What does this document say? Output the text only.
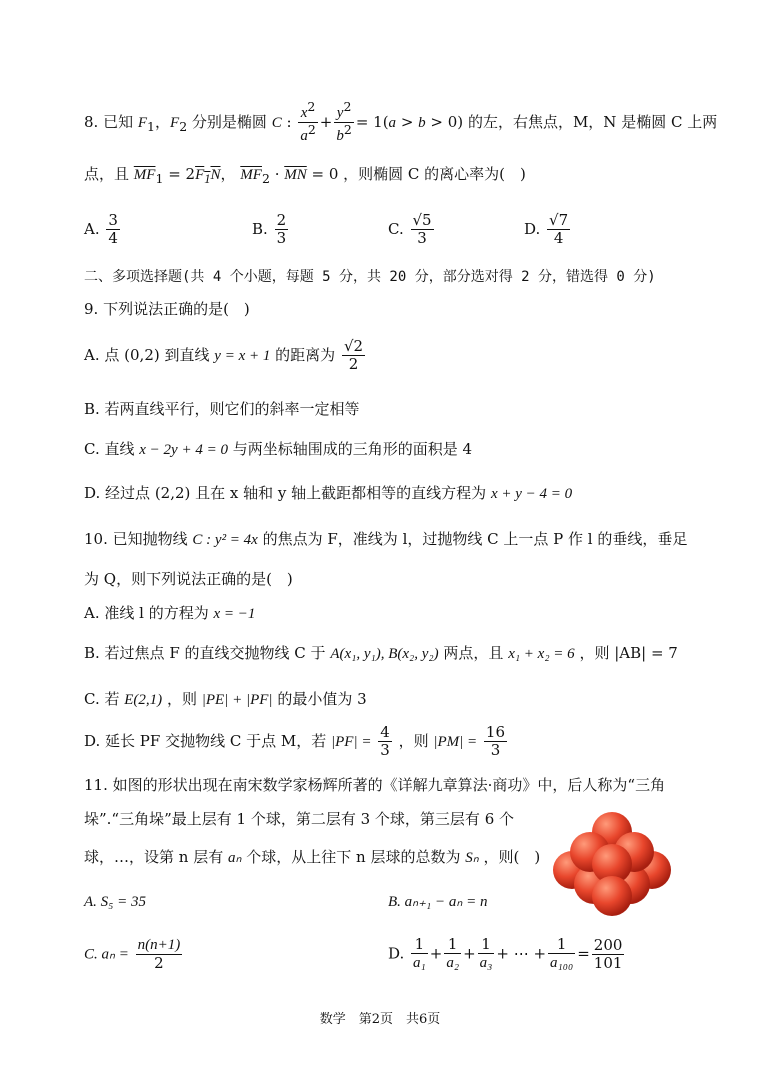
8. 已知 $F_1$，$F_2$ 分别是椭圆 C : $\frac{x^2}{a^2} + \frac{y^2}{b^2} = 1(a > b > 0)$ 的左，右焦点，M，N 是椭圆 C 上两
点，且 $\overline{MF}_1 = 2F_1N$， $\overline{MF}_2 \cdot \overline{MN} = 0$ ，则椭圆 C 的离心率为(　)
A. $\frac{3}{4}$	B. $\frac{2}{3}$	C. $\frac{√5}{3}$	D. $\frac{√7}{4}$
二、多项选择题(共 4 个小题，每题 5 分，共 20 分，部分选对得 2 分，错选得 0 分)
9. 下列说法正确的是(　)
A. 点 (0,2) 到直线 y = x + 1 的距离为 $\frac{√2}{2}$
B. 若两直线平行，则它们的斜率一定相等
C. 直线 x − 2y + 4 = 0 与两坐标轴围成的三角形的面积是 4
D. 经过点 (2,2) 且在 x 轴和 y 轴上截距都相等的直线方程为 x + y − 4 = 0
10. 已知抛物线 C : y² = 4x 的焦点为 F，准线为 l，过抛物线 C 上一点 P 作 l 的垂线，垂足
为 Q，则下列说法正确的是(　)
A. 准线 l 的方程为 x = −1
B. 若过焦点 F 的直线交抛物线 C 于 A(x₁, y₁), B(x₂, y₂) 两点，且 x₁ + x₂ = 6 ，则 |AB| = 7
C. 若 E(2,1) ，则 |PE| + |PF| 的最小值为 3
D. 延长 PF 交抛物线 C 于点 M，若 $|PF| = \frac{4}{3}$ ，则 $|PM| = \frac{16}{3}$
11. 如图的形状出现在南宋数学家杨辉所著的《详解九章算法·商功》中，后人称为“三角
垛”.“三角垛”最上层有 1 个球，第二层有 3 个球，第三层有 6 个
球，…，设第 n 层有 aₙ 个球，从上往下 n 层球的总数为 Sₙ ，则(　)
A. S₅ = 35	B. aₙ₊₁ − aₙ = n
C. $a_n = \frac{n(n+1)}{2}$	D. $\frac{1}{\text{a₁}} + \frac{1}{\text{a₂}} + \frac{1}{\text{a₃}}$ + ⋯ + $\frac{1}{\text{a₁₀₀}} = \frac{200}{101}$
数学　第2页　共6页
